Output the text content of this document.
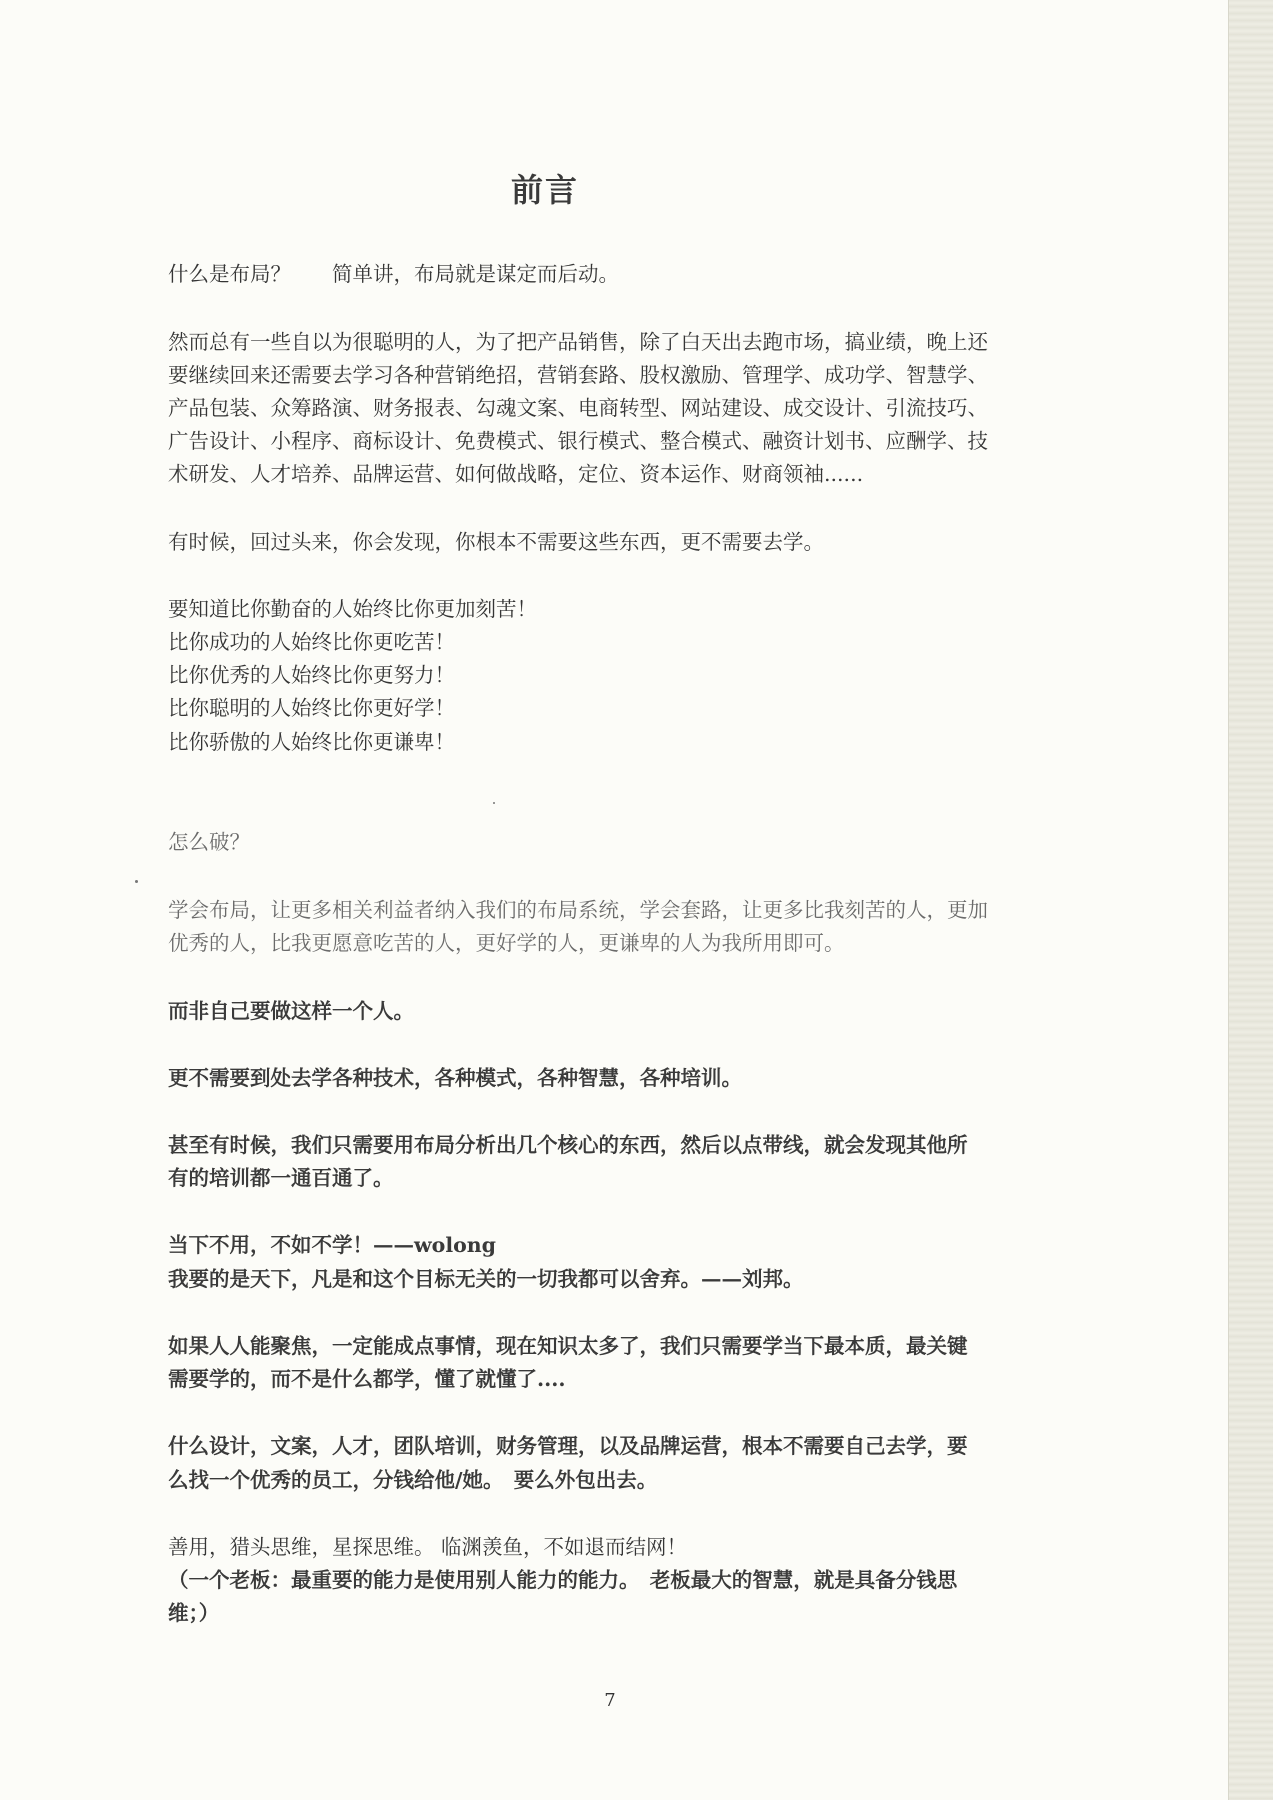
前言

什么是布局？　　简单讲，布局就是谋定而后动。

然而总有一些自以为很聪明的人，为了把产品销售，除了白天出去跑市场，搞业绩，晚上还

要继续回来还需要去学习各种营销绝招，营销套路、股权激励、管理学、成功学、智慧学、

产品包装、众筹路演、财务报表、勾魂文案、电商转型、网站建设、成交设计、引流技巧、

广告设计、小程序、商标设计、免费模式、银行模式、整合模式、融资计划书、应酬学、技

术研发、人才培养、品牌运营、如何做战略，定位、资本运作、财商领袖......

有时候，回过头来，你会发现，你根本不需要这些东西，更不需要去学。

要知道比你勤奋的人始终比你更加刻苦！

比你成功的人始终比你更吃苦！

比你优秀的人始终比你更努力！

比你聪明的人始终比你更好学！

比你骄傲的人始终比你更谦卑！

怎么破？

学会布局，让更多相关利益者纳入我们的布局系统，学会套路，让更多比我刻苦的人，更加

优秀的人，比我更愿意吃苦的人，更好学的人，更谦卑的人为我所用即可。

而非自己要做这样一个人。

更不需要到处去学各种技术，各种模式，各种智慧，各种培训。

甚至有时候，我们只需要用布局分析出几个核心的东西，然后以点带线，就会发现其他所

有的培训都一通百通了。

当下不用，不如不学！——wolong

我要的是天下，凡是和这个目标无关的一切我都可以舍弃。——刘邦。

如果人人能聚焦，一定能成点事情，现在知识太多了，我们只需要学当下最本质，最关键

需要学的，而不是什么都学，懂了就懂了....

什么设计，文案，人才，团队培训，财务管理，以及品牌运营，根本不需要自己去学，要

么找一个优秀的员工，分钱给他/她。　要么外包出去。

善用，猎头思维，星探思维。 临渊羡鱼，不如退而结网！

（一个老板：最重要的能力是使用别人能力的能力。　老板最大的智慧，就是具备分钱思

维；）

7
